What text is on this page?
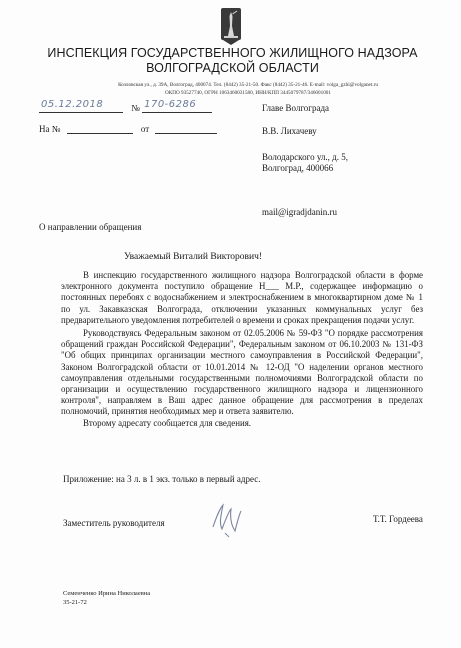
ИНСПЕКЦИЯ ГОСУДАРСТВЕННОГО ЖИЛИЩНОГО НАДЗОРА
ВОЛГОГРАДСКОЙ ОБЛАСТИ
Козловская ул., д. 39А, Волгоград, 400074. Тел. (8442) 35-21-50. Факс (8442) 35-21-46. E-mail: volga_gzhi@volganet.ru
ОКПО 93527740, ОГРН 1063460031580, ИНН/КПП 3445079787/346001001
05.12.2018	№ 170-6286
На №	от
Главе Волгограда
В.В. Лихачеву
Володарского ул., д. 5,
Волгоград, 400066
mail@igradjdanin.ru
О направлении обращения
Уважаемый Виталий Викторович!

В инспекцию государственного жилищного надзора Волгоградской области в форме электронного документа поступило обращение Н___ М.Р., содержащее информацию о постоянных перебоях с водоснабжением и электроснабжением в многоквартирном доме № 1 по ул. Закавказская Волгограда, отключении указанных коммунальных услуг без предварительного уведомления потребителей о времени и сроках прекращения подачи услуг.

Руководствуясь Федеральным законом от 02.05.2006 № 59-ФЗ "О порядке рассмотрения обращений граждан Российской Федерации", Федеральным законом от 06.10.2003 № 131-ФЗ "Об общих принципах организации местного самоуправления в Российской Федерации", Законом Волгоградской области от 10.01.2014 № 12-ОД "О наделении органов местного самоуправления отдельными государственными полномочиями Волгоградской области по организации и осуществлению государственного жилищного надзора и лицензионного контроля", направляем в Ваш адрес данное обращение для рассмотрения в пределах полномочий, принятия необходимых мер и ответа заявителю.

Второму адресату сообщается для сведения.

Приложение: на 3 л. в 1 экз. только в первый адрес.
Заместитель руководителя	Т.Т. Гордеева
Семенченко Ирина Николаевна
35-21-72
